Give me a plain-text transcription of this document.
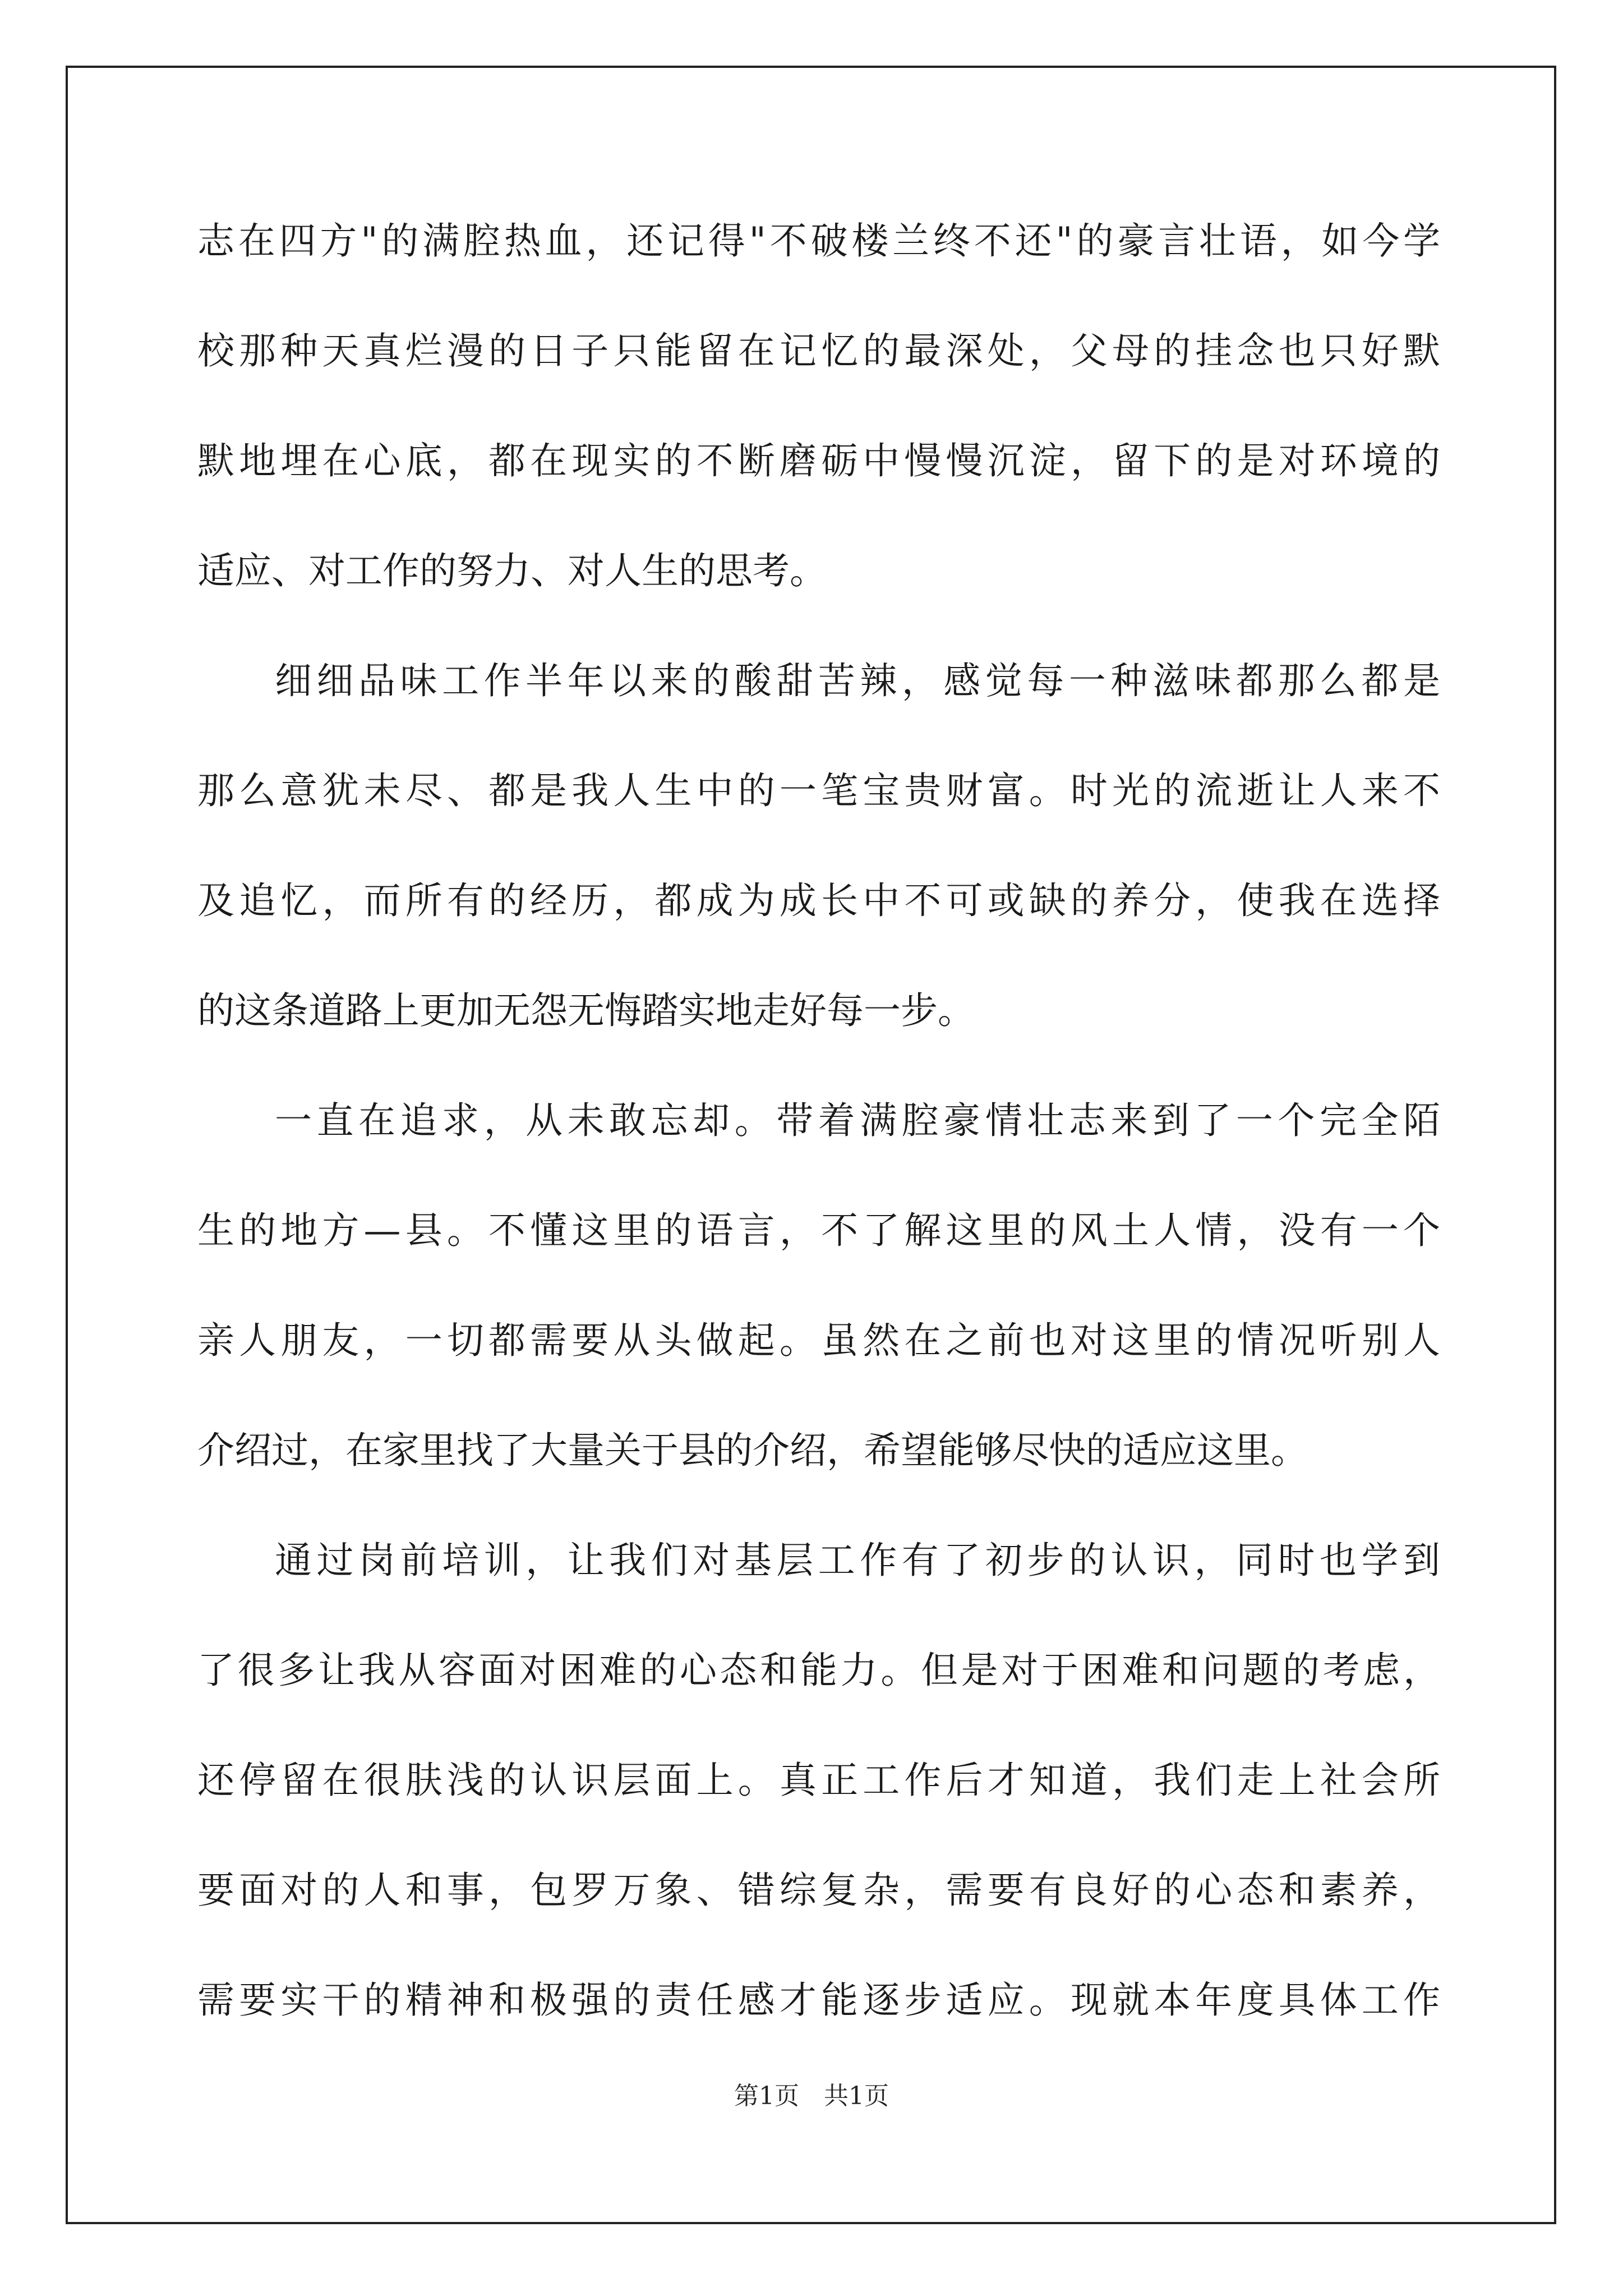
志在四方"的满腔热血，还记得"不破楼兰终不还"的豪言壮语，如今学
校那种天真烂漫的日子只能留在记忆的最深处，父母的挂念也只好默
默地埋在心底，都在现实的不断磨砺中慢慢沉淀，留下的是对环境的
适应、对工作的努力、对人生的思考。
细细品味工作半年以来的酸甜苦辣，感觉每一种滋味都那么都是
那么意犹未尽、都是我人生中的一笔宝贵财富。时光的流逝让人来不
及追忆，而所有的经历，都成为成长中不可或缺的养分，使我在选择
的这条道路上更加无怨无悔踏实地走好每一步。
一直在追求，从未敢忘却。带着满腔豪情壮志来到了一个完全陌
生的地方—县。不懂这里的语言，不了解这里的风土人情，没有一个
亲人朋友，一切都需要从头做起。虽然在之前也对这里的情况听别人
介绍过，在家里找了大量关于县的介绍，希望能够尽快的适应这里。
通过岗前培训，让我们对基层工作有了初步的认识，同时也学到
了很多让我从容面对困难的心态和能力。但是对于困难和问题的考虑，
还停留在很肤浅的认识层面上。真正工作后才知道，我们走上社会所
要面对的人和事，包罗万象、错综复杂，需要有良好的心态和素养，
需要实干的精神和极强的责任感才能逐步适应。现就本年度具体工作
第1页　共1页
